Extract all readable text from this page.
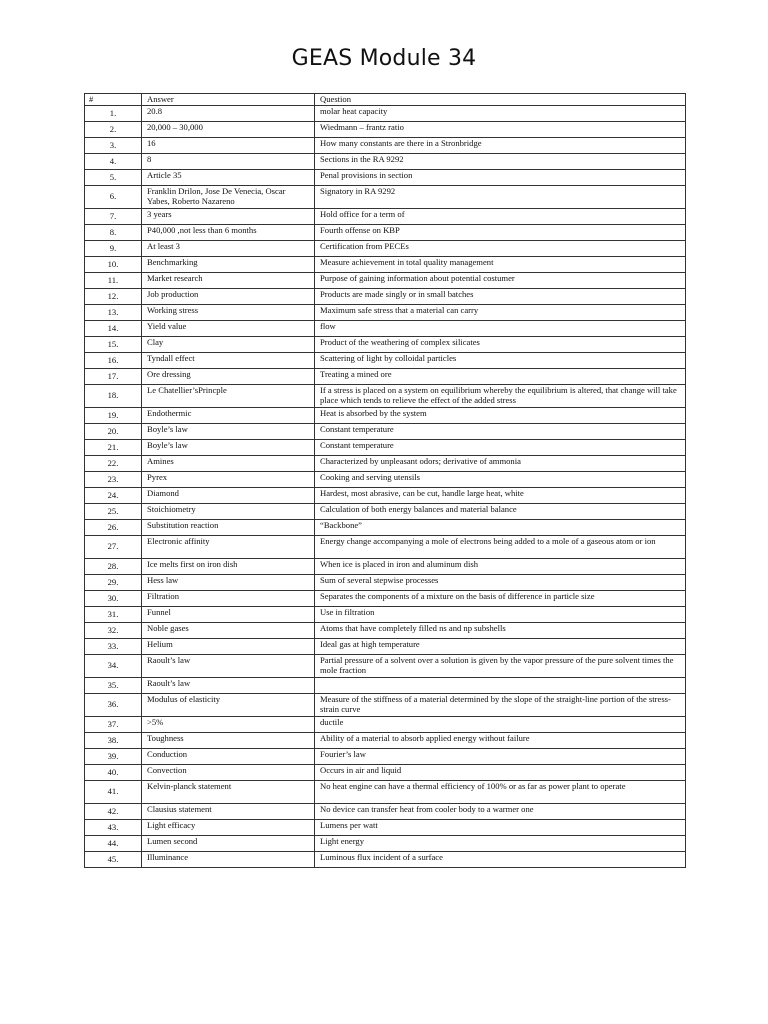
GEAS Module 34
#	Answer	Question
1.	20.8	molar heat capacity
2.	20,000 – 30,000	Wiedmann – frantz ratio
3.	16	How many constants are there in a Stronbridge
4.	8	Sections in the RA 9292
5.	Article 35	Penal provisions in section
6.	Franklin Drilon, Jose De Venecia, Oscar Yabes, Roberto Nazareno	Signatory in RA 9292
7.	3 years	Hold office for a term of
8.	P40,000 ,not less than 6 months	Fourth offense on KBP
9.	At least 3	Certification from PECEs
10.	Benchmarking	Measure achievement in total quality management
11.	Market research	Purpose of gaining information about potential costumer
12.	Job production	Products are made singly or in small batches
13.	Working stress	Maximum safe stress that a material can carry
14.	Yield value	flow
15.	Clay	Product of the weathering of complex silicates
16.	Tyndall effect	Scattering of light by colloidal particles
17.	Ore dressing	Treating a mined ore
18.	Le Chatellier’sPrincple	If a stress is placed on a system on equilibrium whereby the equilibrium is altered, that change will take place which tends to relieve the effect of the added stress
19.	Endothermic	Heat is absorbed by the system
20.	Boyle’s law	Constant temperature
21.	Boyle’s law	Constant temperature
22.	Amines	Characterized by unpleasant odors; derivative of ammonia
23.	Pyrex	Cooking and serving utensils
24.	Diamond	Hardest, most abrasive, can be cut, handle large heat, white
25.	Stoichiometry	Calculation of both energy balances and material balance
26.	Substitution reaction	“Backbone”
27.	Electronic affinity	Energy change accompanying a mole of electrons being added to a mole of a gaseous atom or ion
28.	Ice melts first on iron dish	When ice is placed in iron and aluminum dish
29.	Hess law	Sum of several stepwise processes
30.	Filtration	Separates the components of a mixture on the basis of difference in particle size
31.	Funnel	Use in filtration
32.	Noble gases	Atoms that have completely filled ns and np subshells
33.	Helium	Ideal gas at high temperature
34.	Raoult’s law	Partial pressure of a solvent over a solution is given by the vapor pressure of the pure solvent times the mole fraction
35.	Raoult’s law	
36.	Modulus of elasticity	Measure of the stiffness of a material determined by the slope of the straight-line portion of the stress-strain curve
37.	>5%	ductile
38.	Toughness	Ability of a material to absorb applied energy without failure
39.	Conduction	Fourier’s law
40.	Convection	Occurs in air and liquid
41.	Kelvin-planck statement	No heat engine can have a thermal efficiency of 100% or as far as power plant to operate
42.	Clausius statement	No device can transfer heat from cooler body to a warmer one
43.	Light efficacy	Lumens per watt
44.	Lumen second	Light energy
45.	Illuminance	Luminous flux incident of a surface
